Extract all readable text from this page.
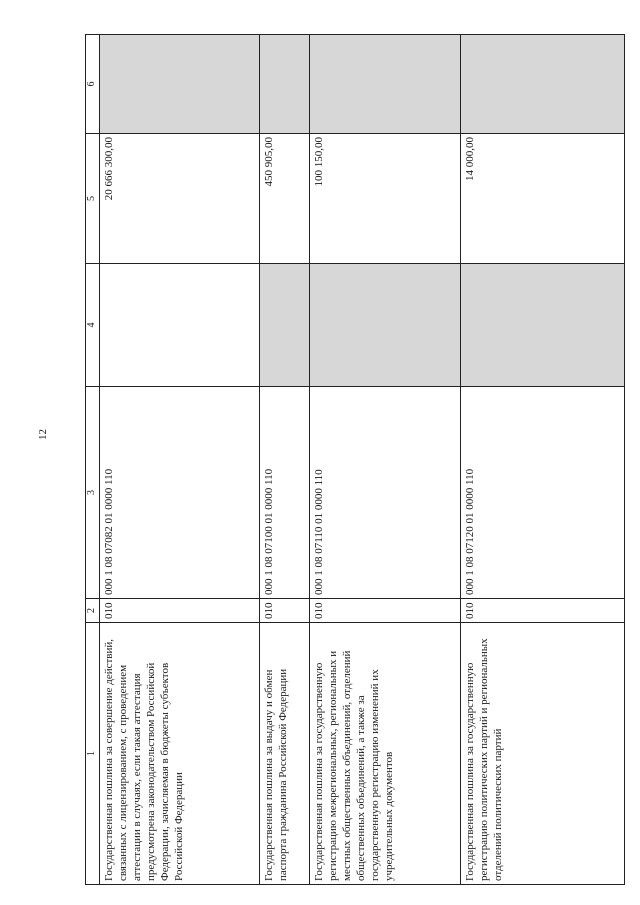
12
1	2	3	4	5	6
Государственная пошлина за совершение действий, связанных с лицензированием, с проведением аттестации в случаях, если такая аттестация предусмотрена законодательством Российской Федерации, зачисляемая в бюджеты субъектов Российской Федерации	010	000 1 08 07082 01 0000 110		20 666 300,00	
Государственная пошлина за выдачу и обмен паспорта гражданина Российской Федерации	010	000 1 08 07100 01 0000 110		450 905,00	
Государственная пошлина за государственную регистрацию межрегиональных, региональных и местных общественных объединений, отделений общественных объединений, а также за государственную регистрацию изменений их учредительных документов	010	000 1 08 07110 01 0000 110		100 150,00	
Государственная пошлина за государственную регистрацию политических партий и региональных отделений политических партий	010	000 1 08 07120 01 0000 110		14 000,00	
